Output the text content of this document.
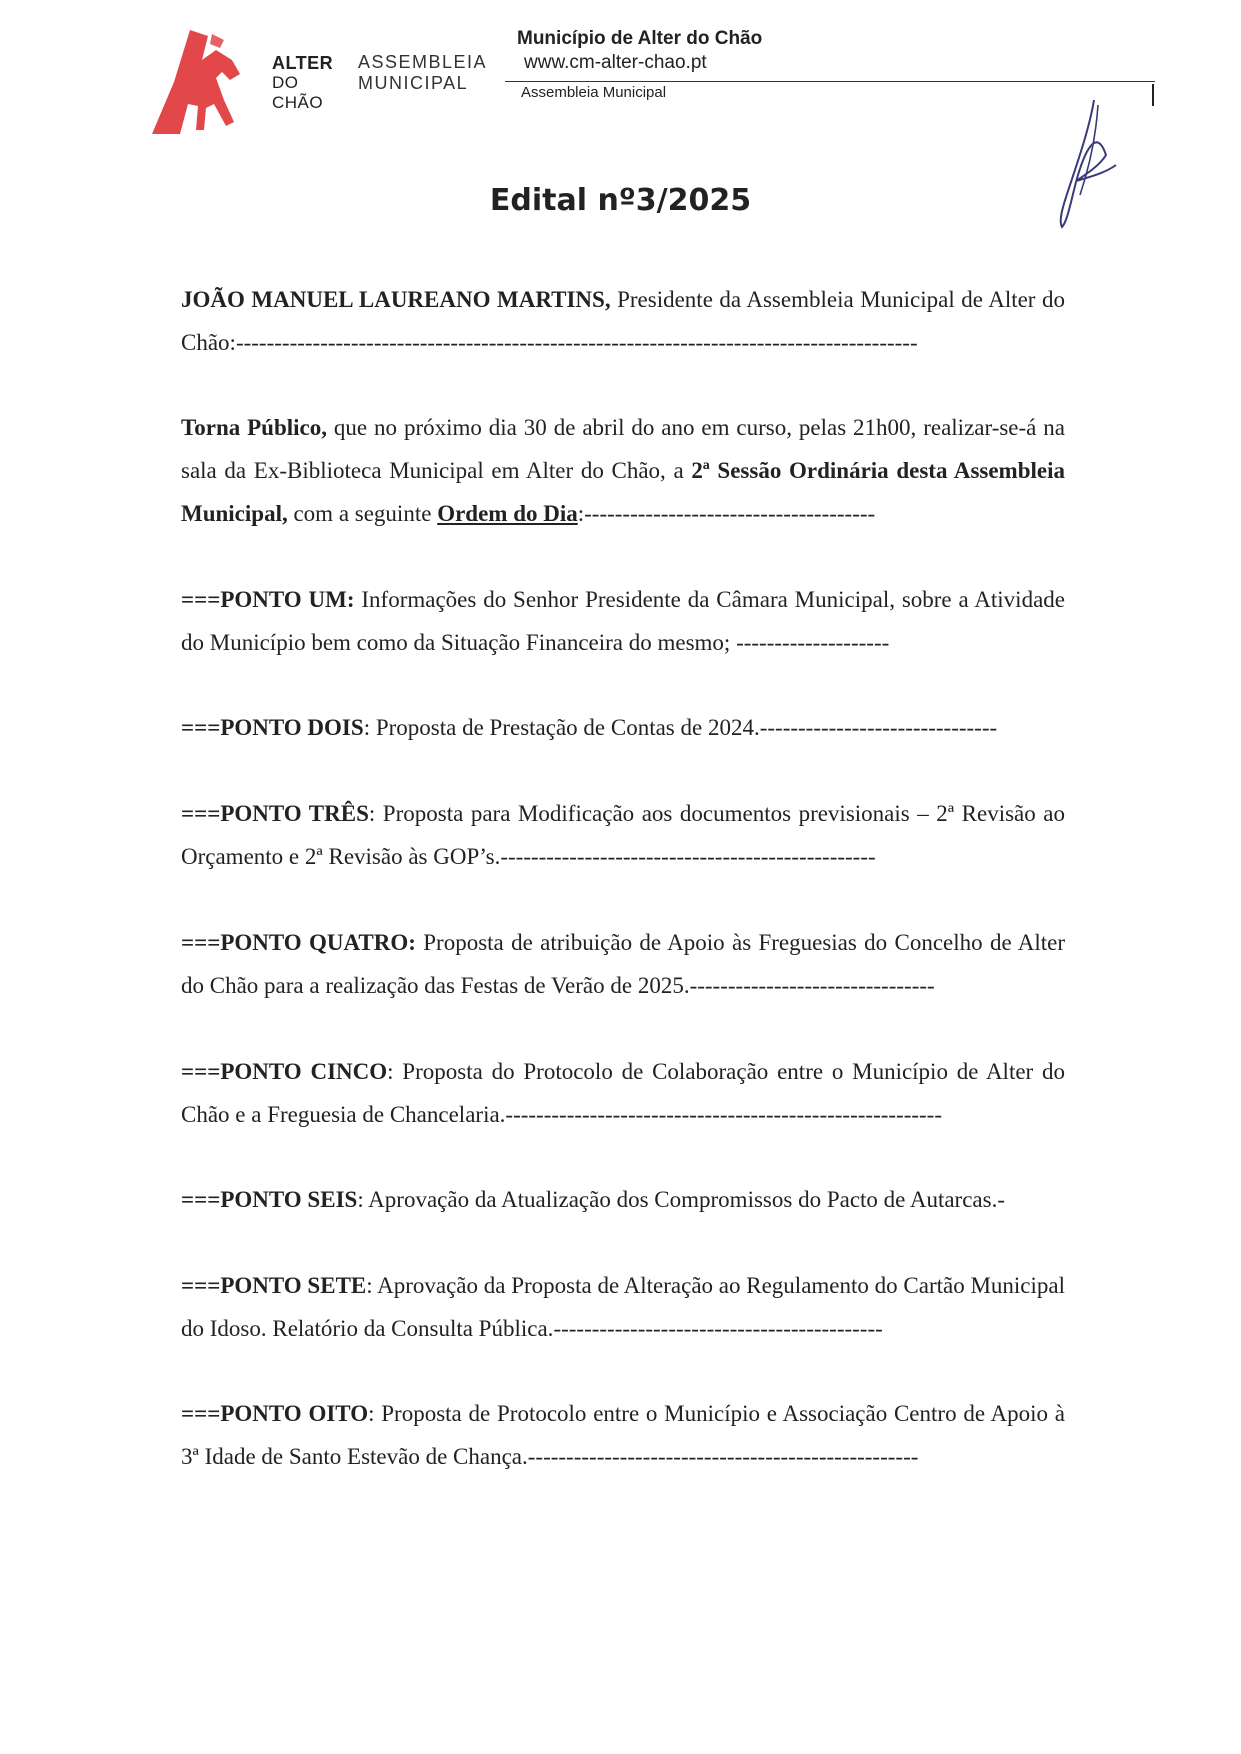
ALTER
DO
CHÃO
ASSEMBLEIA
MUNICIPAL
Município de Alter do Chão
www.cm-alter-chao.pt
Assembleia Municipal
Edital nº3/2025
JOÃO MANUEL LAUREANO MARTINS, Presidente da Assembleia Municipal de Alter do Chão:-----------------------------------------------------------------------------------------
Torna Público, que no próximo dia 30 de abril do ano em curso, pelas 21h00, realizar-se-á na sala da Ex-Biblioteca Municipal em Alter do Chão, a 2ª Sessão Ordinária desta Assembleia Municipal, com a seguinte Ordem do Dia:--------------------------------------
===PONTO UM: Informações do Senhor Presidente da Câmara Municipal, sobre a Atividade do Município bem como da Situação Financeira do mesmo; --------------------
===PONTO DOIS: Proposta de Prestação de Contas de 2024.-------------------------------
===PONTO TRÊS: Proposta para Modificação aos documentos previsionais – 2ª Revisão ao Orçamento e 2ª Revisão às GOP’s.-------------------------------------------------
===PONTO QUATRO: Proposta de atribuição de Apoio às Freguesias do Concelho de Alter do Chão para a realização das Festas de Verão de 2025.--------------------------------
===PONTO CINCO: Proposta do Protocolo de Colaboração entre o Município de Alter do Chão e a Freguesia de Chancelaria.---------------------------------------------------------
===PONTO SEIS: Aprovação da Atualização dos Compromissos do Pacto de Autarcas.-
===PONTO SETE: Aprovação da Proposta de Alteração ao Regulamento do Cartão Municipal do Idoso. Relatório da Consulta Pública.-------------------------------------------
===PONTO OITO: Proposta de Protocolo entre o Município e Associação Centro de Apoio à 3ª Idade de Santo Estevão de Chança.---------------------------------------------------
